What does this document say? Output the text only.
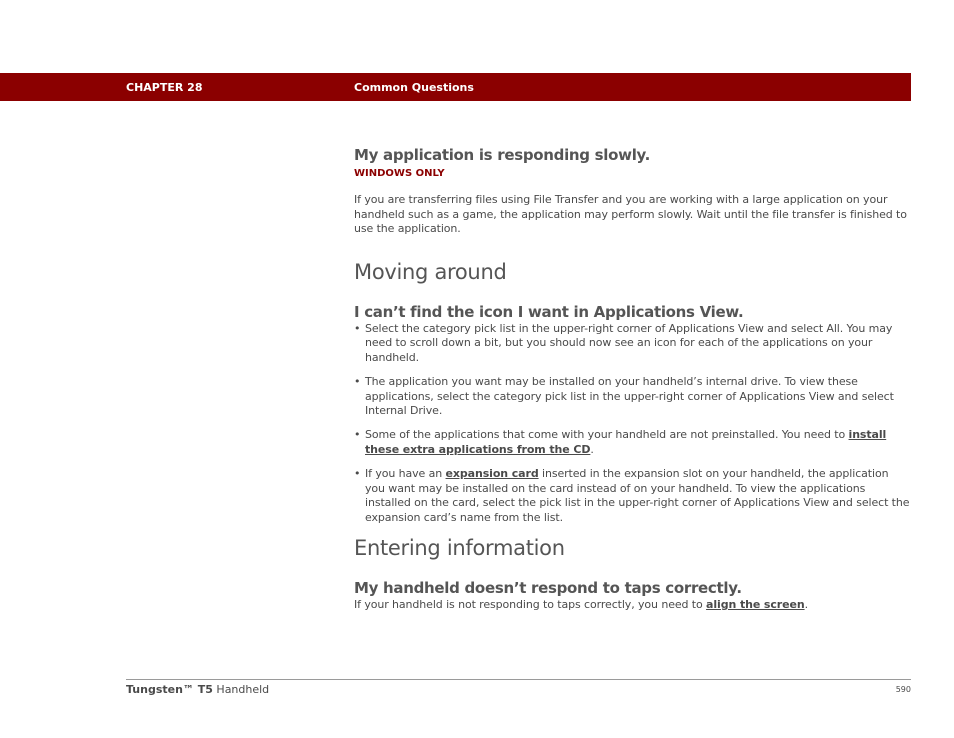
CHAPTER 28	Common Questions
My application is responding slowly.
WINDOWS ONLY

If you are transferring files using File Transfer and you are working with a large application on your handheld such as a game, the application may perform slowly. Wait until the file transfer is finished to use the application.

Moving around
I can’t find the icon I want in Applications View.
• Select the category pick list in the upper-right corner of Applications View and select All. You may need to scroll down a bit, but you should now see an icon for each of the applications on your handheld.

• The application you want may be installed on your handheld’s internal drive. To view these applications, select the category pick list in the upper-right corner of Applications View and select Internal Drive.

• Some of the applications that come with your handheld are not preinstalled. You need to install these extra applications from the CD.

• If you have an expansion card inserted in the expansion slot on your handheld, the application you want may be installed on the card instead of on your handheld. To view the applications installed on the card, select the pick list in the upper-right corner of Applications View and select the expansion card’s name from the list.

Entering information
My handheld doesn’t respond to taps correctly.

If your handheld is not responding to taps correctly, you need to align the screen.

Tungsten™ T5 Handheld	590
